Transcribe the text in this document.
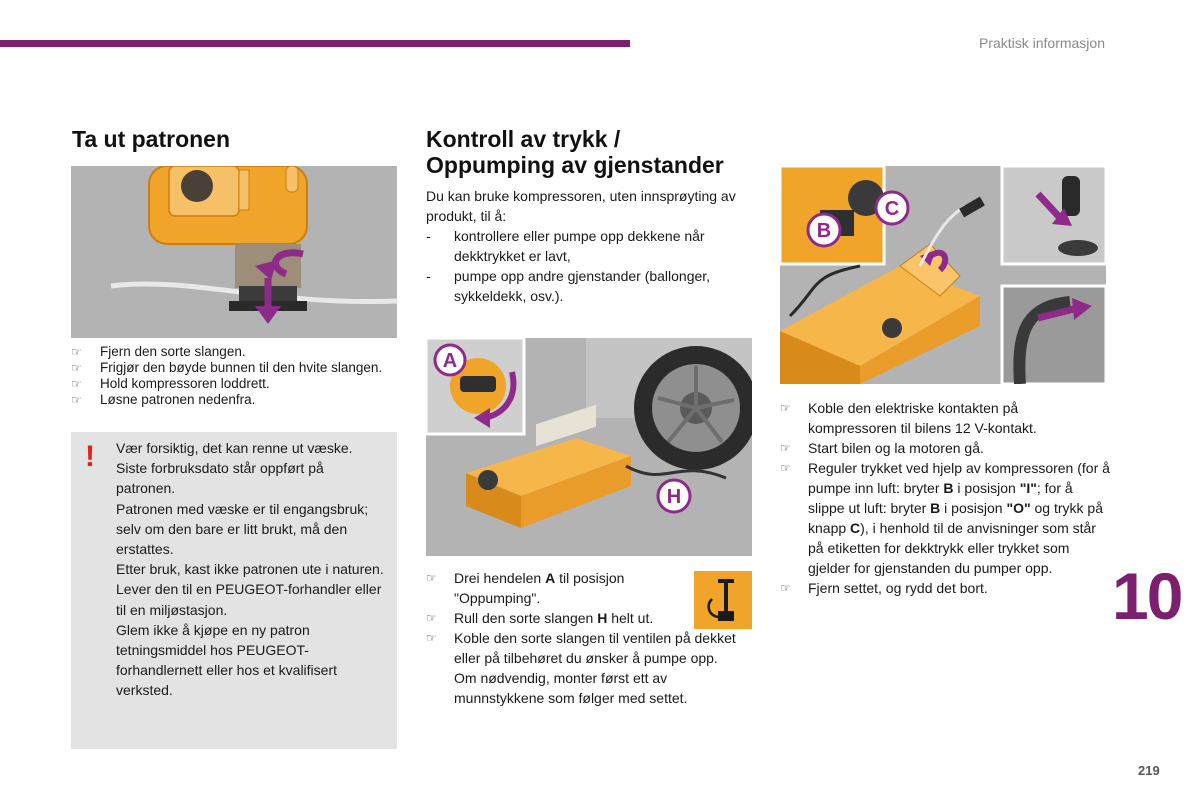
Praktisk informasjon
Ta ut patronen
☞ Fjern den sorte slangen.
☞ Frigjør den bøyde bunnen til den hvite slangen.
☞ Hold kompressoren loddrett.
☞ Løsne patronen nedenfra.
! Vær forsiktig, det kan renne ut væske. Siste forbruksdato står oppført på patronen.

Patronen med væske er til engangsbruk; selv om den bare er litt brukt, må den erstattes.

Etter bruk, kast ikke patronen ute i naturen. Lever den til en PEUGEOT-forhandler eller til en miljøstasjon.

Glem ikke å kjøpe en ny patron tetningsmiddel hos PEUGEOT-forhandlernett eller hos et kvalifisert verksted.

Kontroll av trykk /
Oppumping av gjenstander
Du kan bruke kompressoren, uten innsprøyting av produkt, til å:
- kontrollere eller pumpe opp dekkene når dekktrykket er lavt,
- pumpe opp andre gjenstander (ballonger, sykkeldekk, osv.).
A
H
☞ Drei hendelen A til posisjon "Oppumping".
☞ Rull den sorte slangen H helt ut.
☞ Koble den sorte slangen til ventilen på dekket eller på tilbehøret du ønsker å pumpe opp.
Om nødvendig, monter først ett av munnstykkene som følger med settet.
B
C
☞ Koble den elektriske kontakten på kompressoren til bilens 12 V-kontakt.
☞ Start bilen og la motoren gå.
☞ Reguler trykket ved hjelp av kompressoren (for å pumpe inn luft: bryter B i posisjon "I"; for å slippe ut luft: bryter B i posisjon "O" og trykk på knapp C), i henhold til de anvisninger som står på etiketten for dekktrykk eller trykket som gjelder for gjenstanden du pumper opp.
☞ Fjern settet, og rydd det bort.	10
219
